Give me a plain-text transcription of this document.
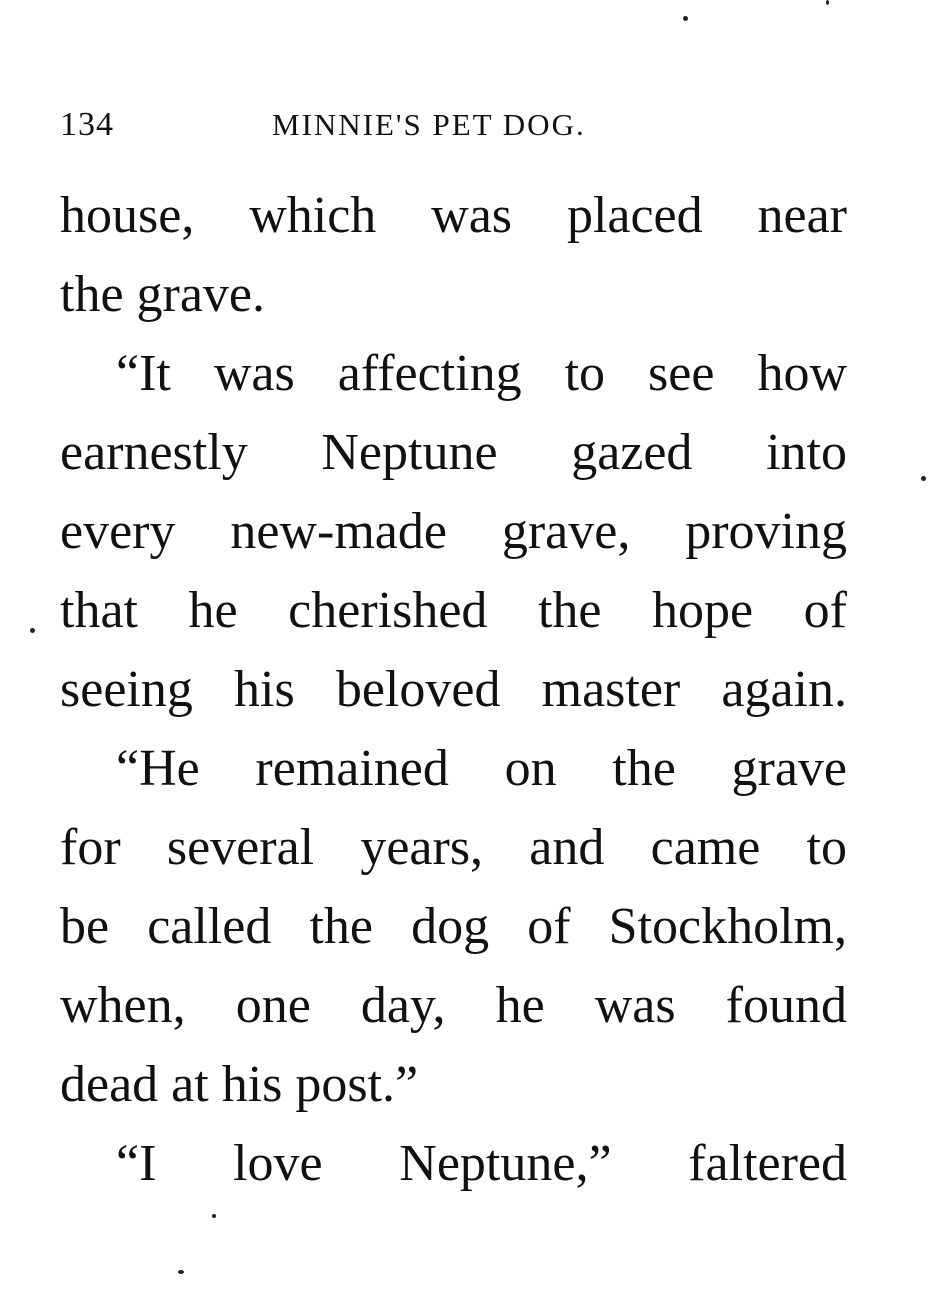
134	MINNIE'S PET DOG.
house, which was placed near
the grave.
“It was affecting to see how
earnestly Neptune gazed into
every new-made grave, proving
that he cherished the hope of
seeing his beloved master again.
“He remained on the grave
for several years, and came to
be called the dog of Stockholm,
when, one day, he was found
dead at his post.”
“I love Neptune,” faltered
